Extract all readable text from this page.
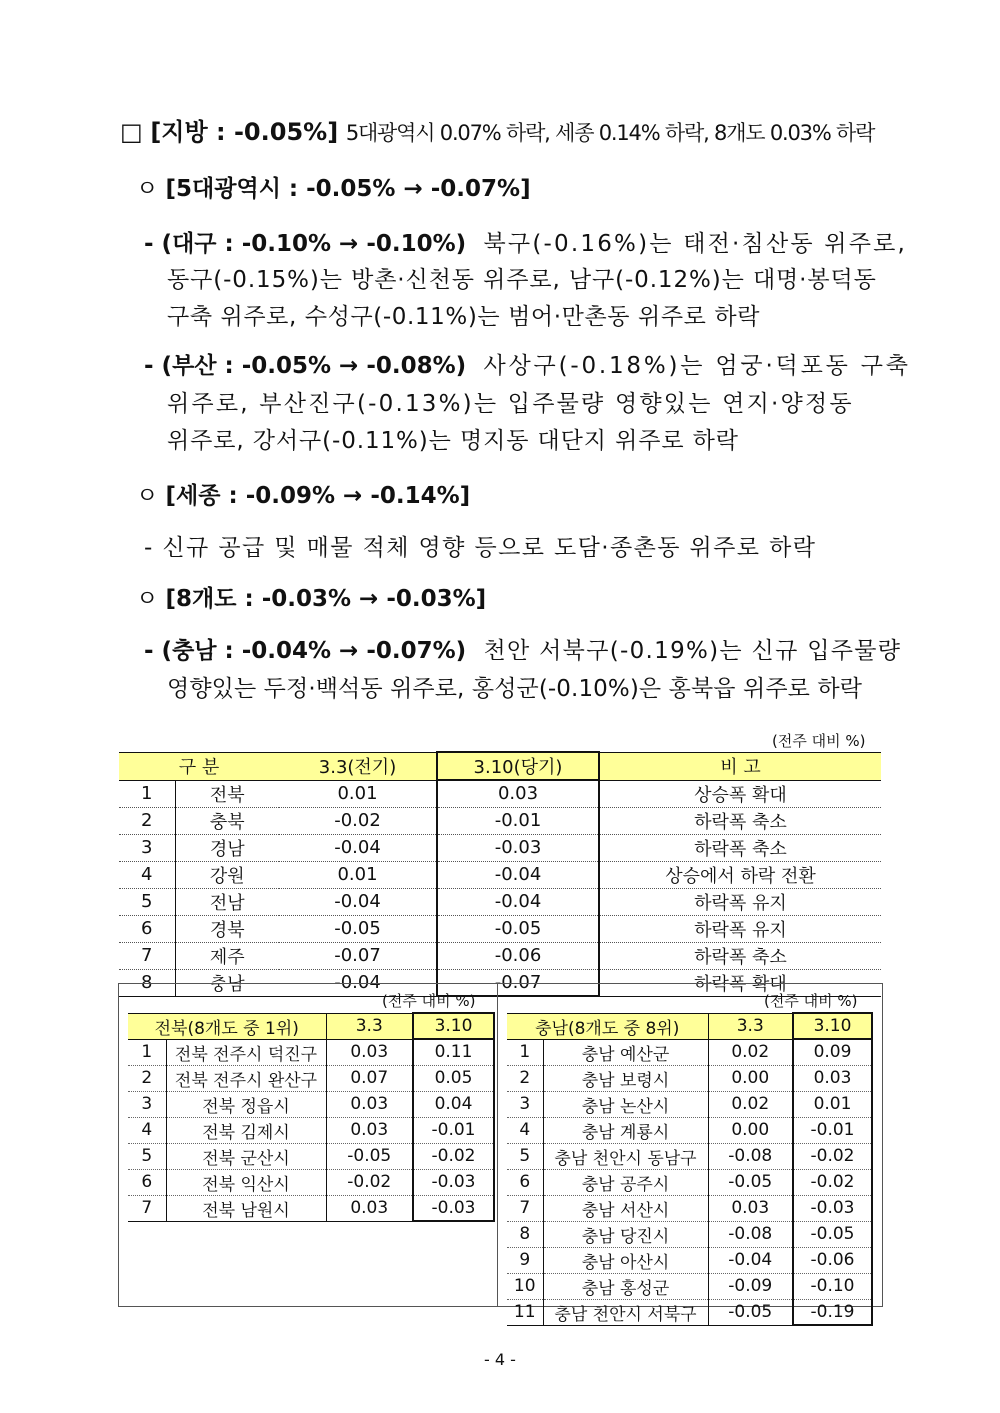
□ [지방 : -0.05%] 5대광역시 0.07% 하락, 세종 0.14% 하락, 8개도 0.03% 하락
ㅇ [5대광역시 : -0.05% → -0.07%]
- (대구 : -0.10% → -0.10%) 북구(-0.16%)는 태전·침산동 위주로,
동구(-0.15%)는 방촌·신천동 위주로, 남구(-0.12%)는 대명·봉덕동
구축 위주로, 수성구(-0.11%)는 범어·만촌동 위주로 하락
- (부산 : -0.05% → -0.08%) 사상구(-0.18%)는 엄궁·덕포동 구축
위주로, 부산진구(-0.13%)는 입주물량 영향있는 연지·양정동
위주로, 강서구(-0.11%)는 명지동 대단지 위주로 하락
ㅇ [세종 : -0.09% → -0.14%]
- 신규 공급 및 매물 적체 영향 등으로 도담·종촌동 위주로 하락
ㅇ [8개도 : -0.03% → -0.03%]
- (충남 : -0.04% → -0.07%) 천안 서북구(-0.19%)는 신규 입주물량
영향있는 두정·백석동 위주로, 홍성군(-0.10%)은 홍북읍 위주로 하락
(전주 대비 %)
구 분		3.3(전기)	3.10(당기)	비 고
1	전북	0.01	0.03	상승폭 확대
2	충북	-0.02	-0.01	하락폭 축소
3	경남	-0.04	-0.03	하락폭 축소
4	강원	0.01	-0.04	상승에서 하락 전환
5	전남	-0.04	-0.04	하락폭 유지
6	경북	-0.05	-0.05	하락폭 유지
7	제주	-0.07	-0.06	하락폭 축소
8	충남	-0.04	-0.07	하락폭 확대
(전주 대비 %)
전북(8개도 중 1위)		3.3	3.10
1	전북 전주시 덕진구	0.03	0.11
2	전북 전주시 완산구	0.07	0.05
3	전북 정읍시	0.03	0.04
4	전북 김제시	0.03	-0.01
5	전북 군산시	-0.05	-0.02
6	전북 익산시	-0.02	-0.03
7	전북 남원시	0.03	-0.03
(전주 대비 %)
충남(8개도 중 8위)		3.3	3.10
1	충남 예산군	0.02	0.09
2	충남 보령시	0.00	0.03
3	충남 논산시	0.02	0.01
4	충남 계룡시	0.00	-0.01
5	충남 천안시 동남구	-0.08	-0.02
6	충남 공주시	-0.05	-0.02
7	충남 서산시	0.03	-0.03
8	충남 당진시	-0.08	-0.05
9	충남 아산시	-0.04	-0.06
10	충남 홍성군	-0.09	-0.10
11	충남 천안시 서북구	-0.05	-0.19
- 4 -
